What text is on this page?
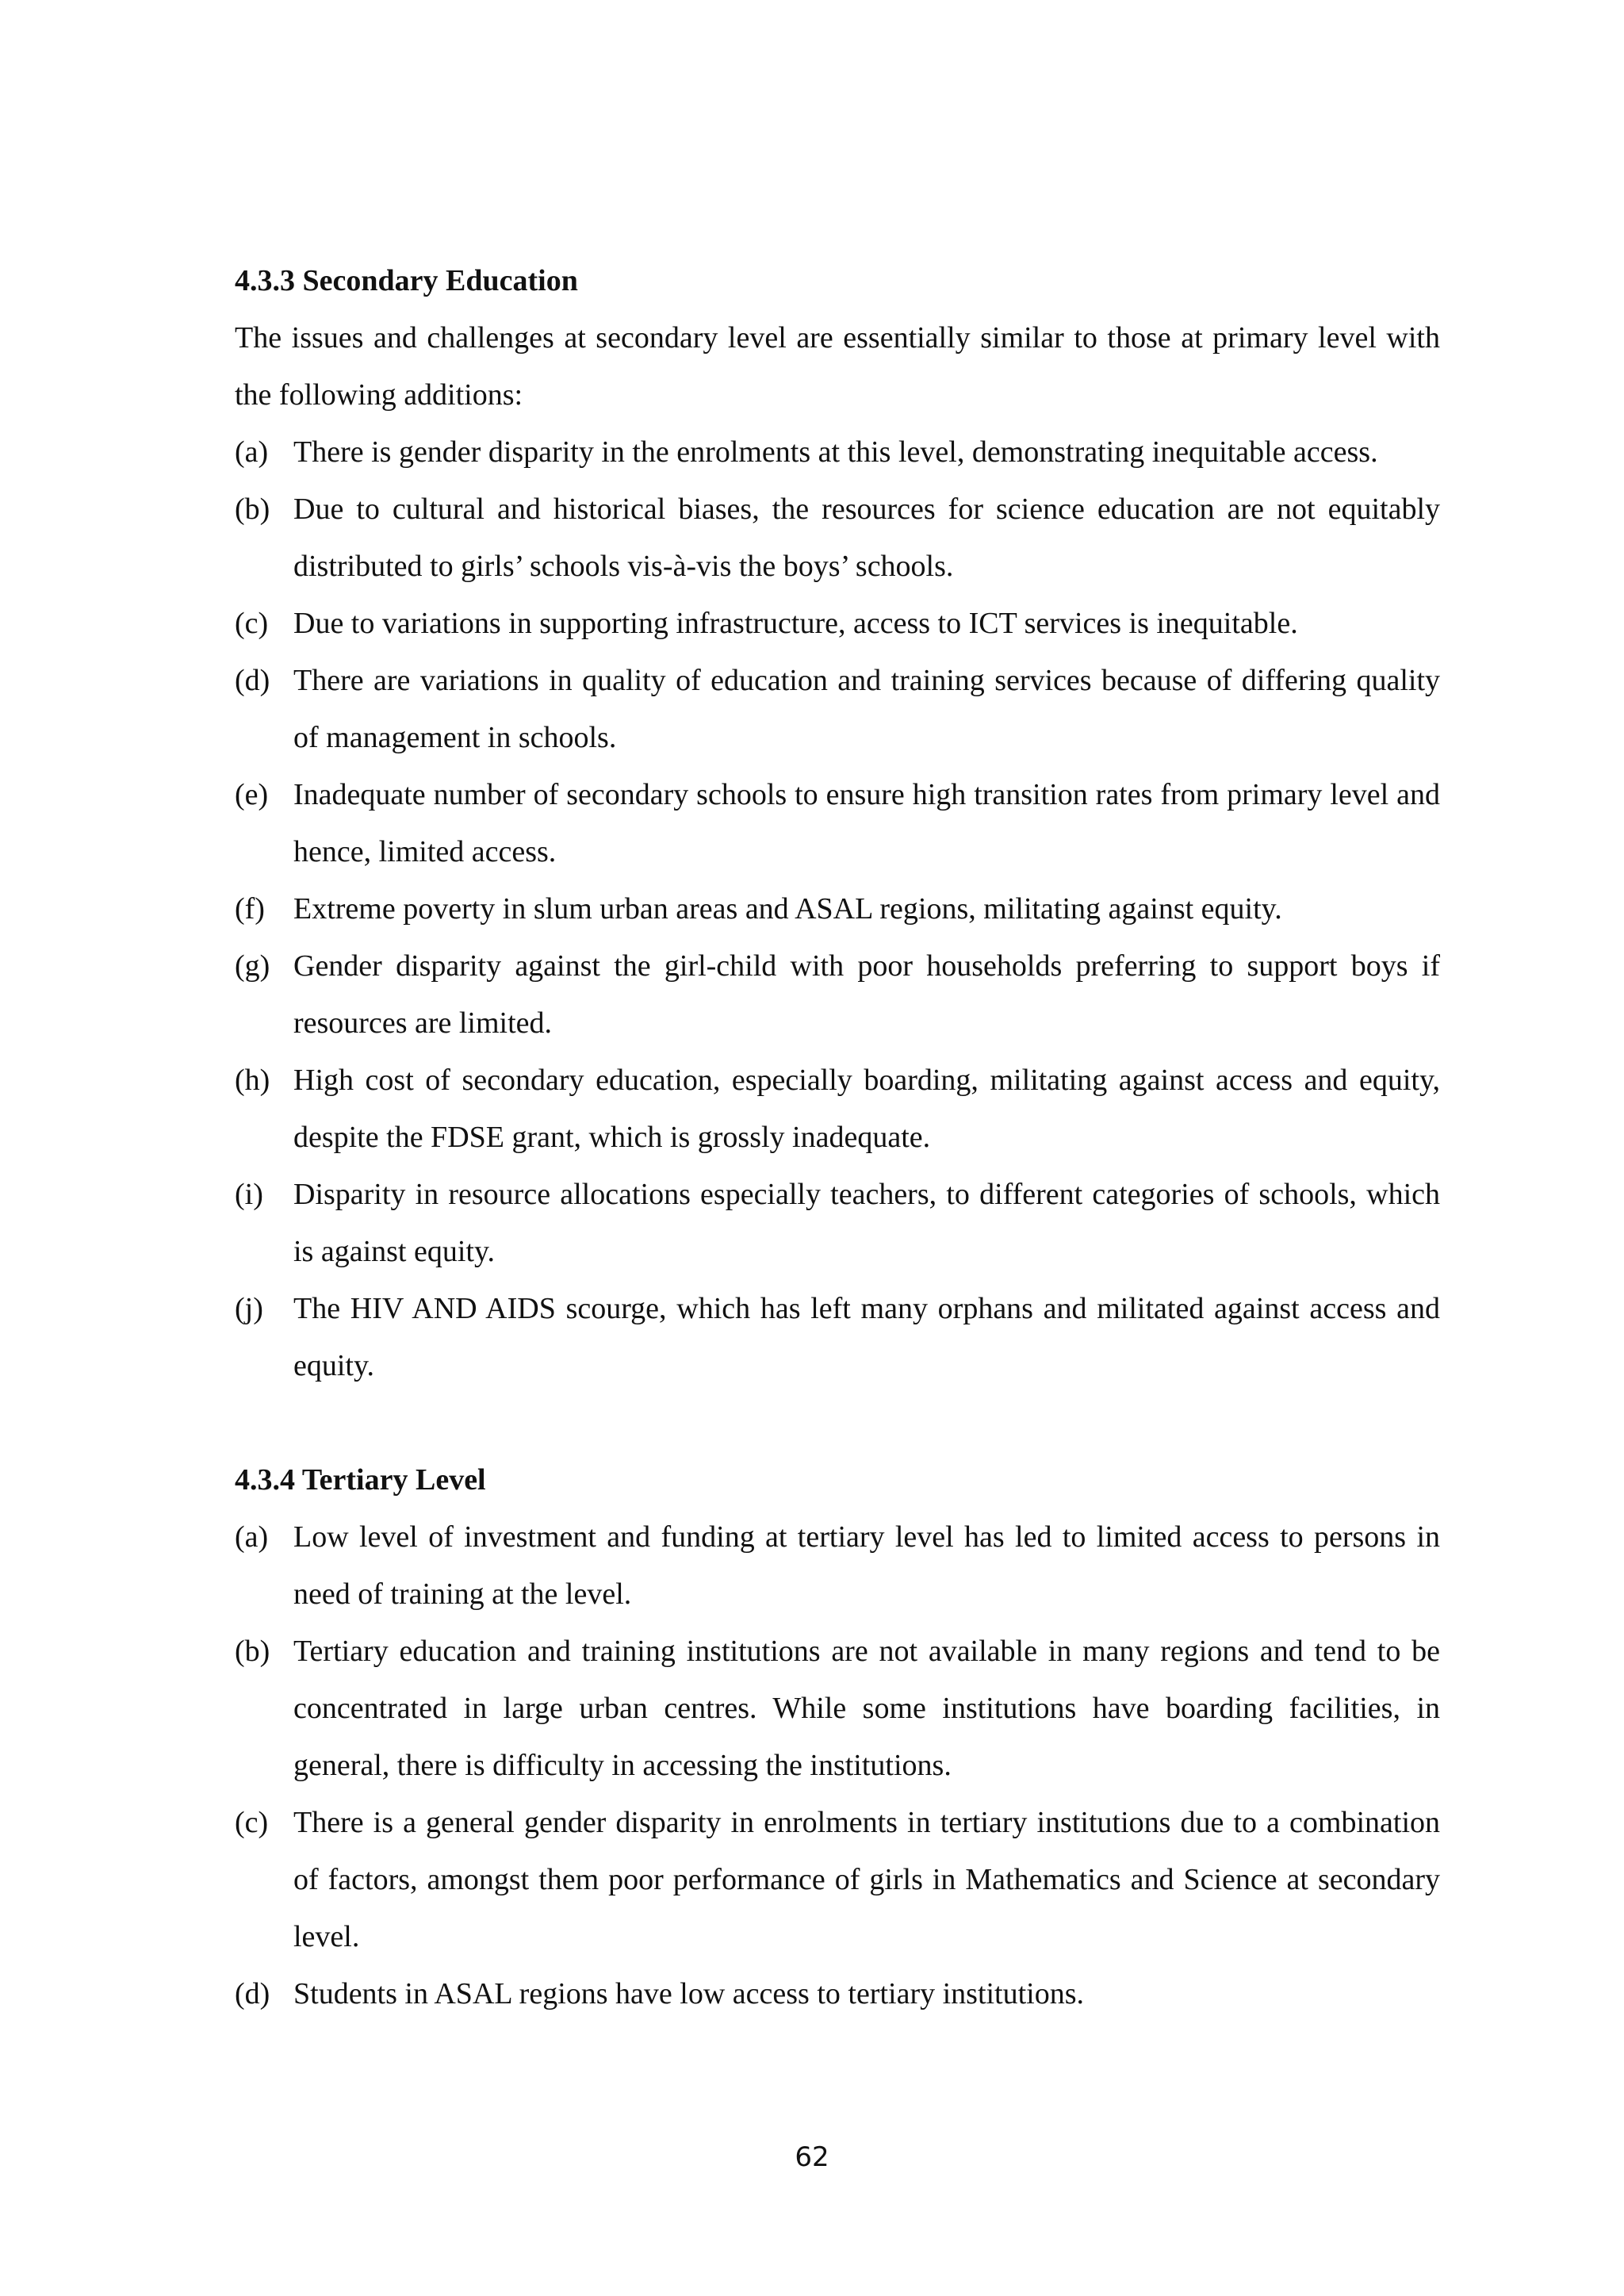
4.3.3 Secondary Education

The issues and challenges at secondary level are essentially similar to those at primary level with the following additions:

(a) There is gender disparity in the enrolments at this level, demonstrating inequitable access.
(b) Due to cultural and historical biases, the resources for science education are not equitably distributed to girls’ schools vis-à-vis the boys’ schools.
(c) Due to variations in supporting infrastructure, access to ICT services is inequitable.
(d) There are variations in quality of education and training services because of differing quality of management in schools.
(e) Inadequate number of secondary schools to ensure high transition rates from primary level and hence, limited access.
(f) Extreme poverty in slum urban areas and ASAL regions, militating against equity.
(g) Gender disparity against the girl-child with poor households preferring to support boys if resources are limited.
(h) High cost of secondary education, especially boarding, militating against access and equity, despite the FDSE grant, which is grossly inadequate.
(i) Disparity in resource allocations especially teachers, to different categories of schools, which is against equity.
(j) The HIV AND AIDS scourge, which has left many orphans and militated against access and equity.
4.3.4 Tertiary Level
(a) Low level of investment and funding at tertiary level has led to limited access to persons in need of training at the level.
(b) Tertiary education and training institutions are not available in many regions and tend to be concentrated in large urban centres. While some institutions have boarding facilities, in general, there is difficulty in accessing the institutions.
(c) There is a general gender disparity in enrolments in tertiary institutions due to a combination of factors, amongst them poor performance of girls in Mathematics and Science at secondary level.
(d) Students in ASAL regions have low access to tertiary institutions.
62
